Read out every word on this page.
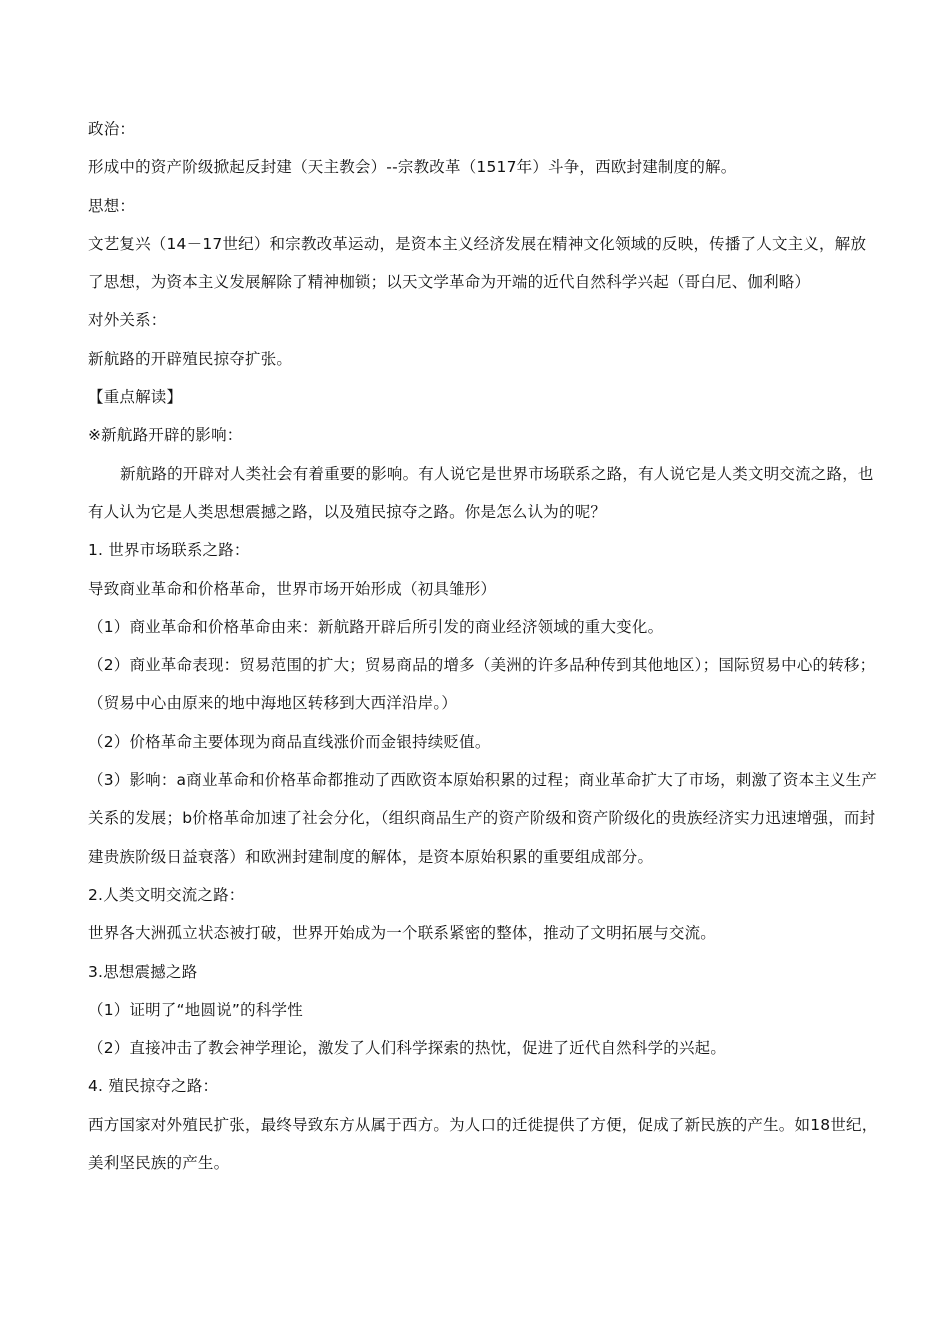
政治：

形成中的资产阶级掀起反封建（天主教会）--宗教改革（1517年）斗争，西欧封建制度的解。

思想：

文艺复兴（14－17世纪）和宗教改革运动，是资本主义经济发展在精神文化领域的反映，传播了人文主义，解放了思想，为资本主义发展解除了精神枷锁；以天文学革命为开端的近代自然科学兴起（哥白尼、伽利略）

对外关系：

新航路的开辟殖民掠夺扩张。

【重点解读】

※新航路开辟的影响：

新航路的开辟对人类社会有着重要的影响。有人说它是世界市场联系之路，有人说它是人类文明交流之路，也有人认为它是人类思想震撼之路，以及殖民掠夺之路。你是怎么认为的呢？

1. 世界市场联系之路：

导致商业革命和价格革命，世界市场开始形成（初具雏形）

（1）商业革命和价格革命由来：新航路开辟后所引发的商业经济领域的重大变化。

（2）商业革命表现：贸易范围的扩大；贸易商品的增多（美洲的许多品种传到其他地区）；国际贸易中心的转移；（贸易中心由原来的地中海地区转移到大西洋沿岸。）

（2）价格革命主要体现为商品直线涨价而金银持续贬值。

（3）影响：a商业革命和价格革命都推动了西欧资本原始积累的过程；商业革命扩大了市场，刺激了资本主义生产关系的发展；b价格革命加速了社会分化，（组织商品生产的资产阶级和资产阶级化的贵族经济实力迅速增强，而封建贵族阶级日益衰落）和欧洲封建制度的解体，是资本原始积累的重要组成部分。

2.人类文明交流之路：

世界各大洲孤立状态被打破，世界开始成为一个联系紧密的整体，推动了文明拓展与交流。

3.思想震撼之路

（1）证明了“地圆说”的科学性

（2）直接冲击了教会神学理论，激发了人们科学探索的热忱，促进了近代自然科学的兴起。

4. 殖民掠夺之路：

西方国家对外殖民扩张，最终导致东方从属于西方。为人口的迁徙提供了方便，促成了新民族的产生。如18世纪，美利坚民族的产生。
